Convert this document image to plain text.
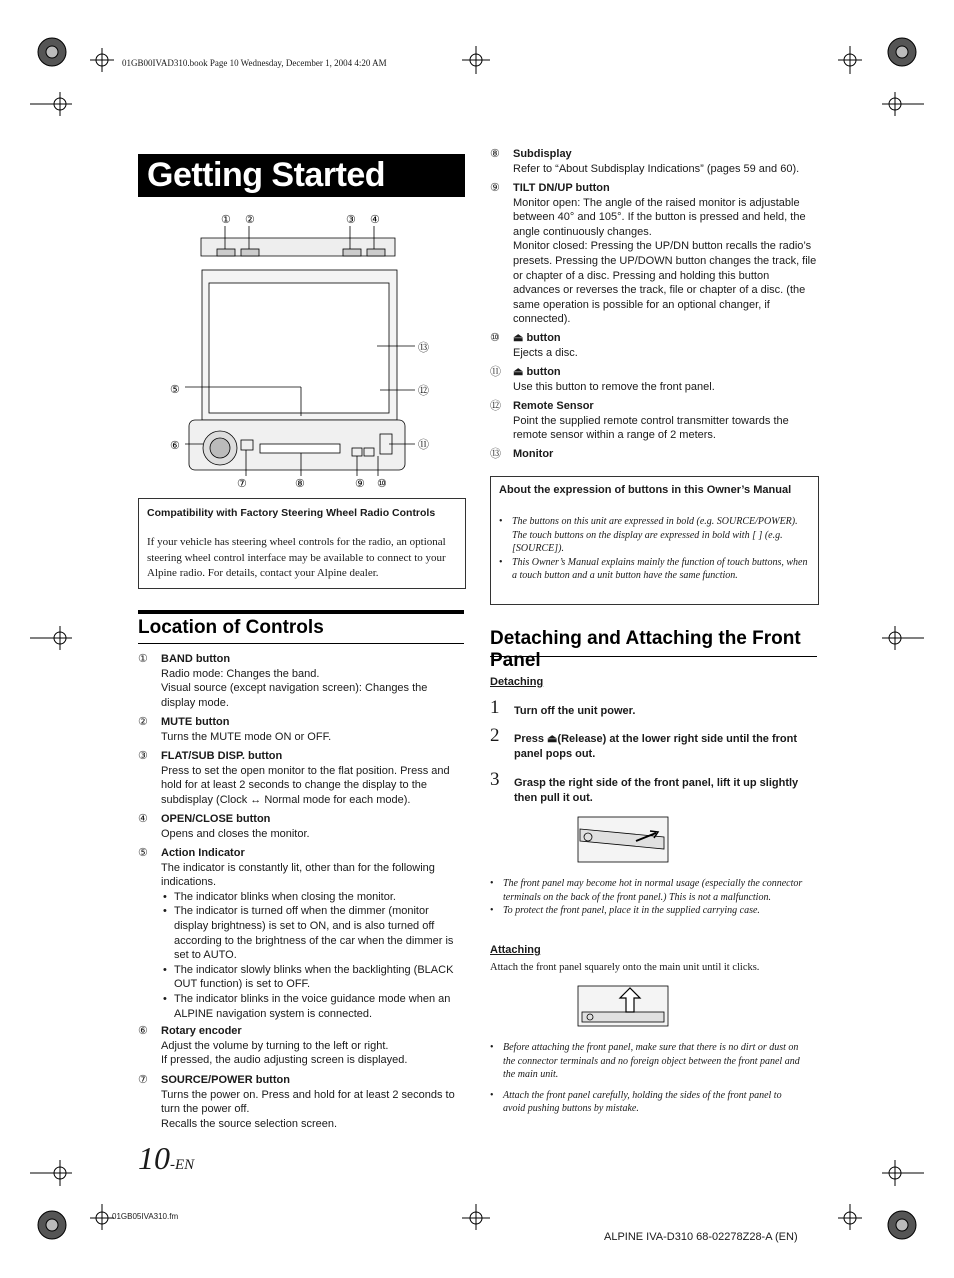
01GB00IVAD310.book Page 10 Wednesday, December 1, 2004 4:20 AM
Getting Started
① ②	③ ④
⑬
⑤	⑫
⑥	⑪
⑦	⑧	⑨ ⑩
Compatibility with Factory Steering Wheel Radio Controls
If your vehicle has steering wheel controls for the radio, an optional steering wheel control interface may be available to connect to your Alpine radio. For details, contact your Alpine dealer.
Location of Controls
① BAND button
Radio mode: Changes the band.
Visual source (except navigation screen): Changes the display mode.
② MUTE button
Turns the MUTE mode ON or OFF.
③ FLAT/SUB DISP. button
Press to set the open monitor to the flat position. Press and hold for at least 2 seconds to change the display to the subdisplay (Clock ↔ Normal mode for each mode).
④ OPEN/CLOSE button
Opens and closes the monitor.
⑤ Action Indicator
The indicator is constantly lit, other than for the following indications.
• The indicator blinks when closing the monitor.
• The indicator is turned off when the dimmer (monitor display brightness) is set to ON, and is also turned off according to the brightness of the car when the dimmer is set to AUTO.
• The indicator slowly blinks when the backlighting (BLACK OUT function) is set to OFF.
• The indicator blinks in the voice guidance mode when an ALPINE navigation system is connected.
⑥ Rotary encoder
Adjust the volume by turning to the left or right.
If pressed, the audio adjusting screen is displayed.
⑦ SOURCE/POWER button
Turns the power on. Press and hold for at least 2 seconds to turn the power off.
Recalls the source selection screen.
⑧ Subdisplay
Refer to “About Subdisplay Indications” (pages 59 and 60).
⑨ TILT DN/UP button
Monitor open: The angle of the raised monitor is adjustable between 40° and 105°. If the button is pressed and held, the angle continuously changes.
Monitor closed: Pressing the UP/DN button recalls the radio’s presets. Pressing the UP/DOWN button changes the track, file or chapter of a disc. Pressing and holding this button advances or reverses the track, file or chapter of a disc. (the same operation is possible for an optional changer, if connected).
⑩ ⏏ button
Ejects a disc.
⑪ ⏏ button
Use this button to remove the front panel.
⑫ Remote Sensor
Point the supplied remote control transmitter towards the remote sensor within a range of 2 meters.
⑬ Monitor
About the expression of buttons in this Owner’s Manual
• The buttons on this unit are expressed in bold (e.g. SOURCE/POWER). The touch buttons on the display are expressed in bold with [ ] (e.g. [SOURCE]).
• This Owner’s Manual explains mainly the function of touch buttons, when a touch button and a unit button have the same function.
Detaching and Attaching the Front Panel
Detaching
1 Turn off the unit power.
2 Press ⏏(Release) at the lower right side until the front panel pops out.
3 Grasp the right side of the front panel, lift it up slightly then pull it out.
• The front panel may become hot in normal usage (especially the connector terminals on the back of the front panel.) This is not a malfunction.
• To protect the front panel, place it in the supplied carrying case.
Attaching
Attach the front panel squarely onto the main unit until it clicks.
• Before attaching the front panel, make sure that there is no dirt or dust on the connector terminals and no foreign object between the front panel and the main unit.
• Attach the front panel carefully, holding the sides of the front panel to avoid pushing buttons by mistake.
10-EN
01GB05IVA310.fm
ALPINE IVA-D310 68-02278Z28-A (EN)
